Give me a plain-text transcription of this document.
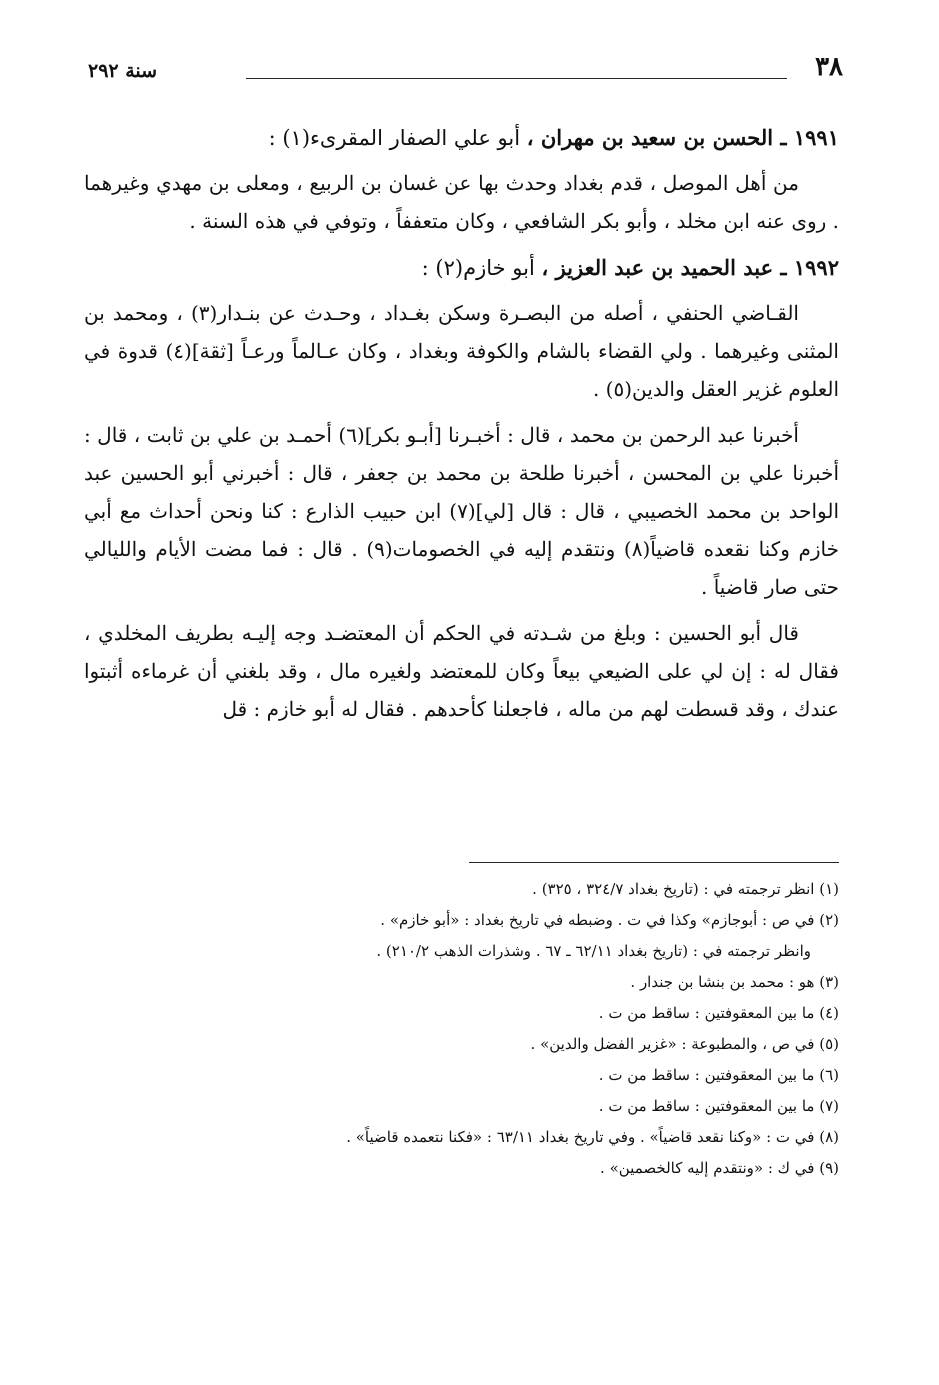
٣٨
سنة ٢٩٢

١٩٩١ ـ الحسن بن سعيد بن مهران ، أبو علي الصفار المقرىء(١) :

من أهل الموصل ، قدم بغداد وحدث بها عن غسان بن الربيع ، ومعلى بن مهدي وغيرهما . روى عنه ابن مخلد ، وأبو بكر الشافعي ، وكان متعففاً ، وتوفي في هذه السنة .

١٩٩٢ ـ عبد الحميد بن عبد العزيز ، أبو خازم(٢) :

القـاضي الحنفي ، أصله من البصـرة وسكن بغـداد ، وحـدث عن بنـدار(٣) ، ومحمد بن المثنى وغيرهما . ولي القضاء بالشام والكوفة وبغداد ، وكان عـالماً ورعـاً [ثقة](٤) قدوة في العلوم غزير العقل والدين(٥) .

أخبرنا عبد الرحمن بن محمد ، قال : أخبـرنا [أبـو بكر](٦) أحمـد بن علي بن ثابت ، قال : أخبرنا علي بن المحسن ، أخبرنا طلحة بن محمد بن جعفر ، قال : أخبرني أبو الحسين عبد الواحد بن محمد الخصيبي ، قال : قال [لي](٧) ابن حبيب الذارع : كنا ونحن أحداث مع أبي خازم وكنا نقعده قاضياً(٨) ونتقدم إليه في الخصومات(٩) . قال : فما مضت الأيام والليالي حتى صار قاضياً .

قال أبو الحسين : وبلغ من شـدته في الحكم أن المعتضـد وجه إليـه بطريف المخلدي ، فقال له : إن لي على الضيعي بيعاً وكان للمعتضد ولغيره مال ، وقد بلغني أن غرماءه أثبتوا عندك ، وقد قسطت لهم من ماله ، فاجعلنا كأحدهم . فقال له أبو خازم : قل

(١) انظر ترجمته في : (تاريخ بغداد ٣٢٤/٧ ، ٣٢٥) .

(٢) في ص : أبوجازم» وكذا في ت . وضبطه في تاريخ بغداد : «أبو خازم» .

وانظر ترجمته في : (تاريخ بغداد ٦٢/١١ ـ ٦٧ . وشذرات الذهب ٢١٠/٢) .

(٣) هو : محمد بن بنشا بن جندار .

(٤) ما بين المعقوفتين : ساقط من ت .

(٥) في ص ، والمطبوعة : «غزير الفضل والدين» .

(٦) ما بين المعقوفتين : ساقط من ت .

(٧) ما بين المعقوفتين : ساقط من ت .

(٨) في ت : «وكنا نقعد قاضياً» . وفي تاريخ بغداد ٦٣/١١ : «فكنا نتعمده قاضياً» .

(٩) في ك : «ونتقدم إليه كالخصمين» .
